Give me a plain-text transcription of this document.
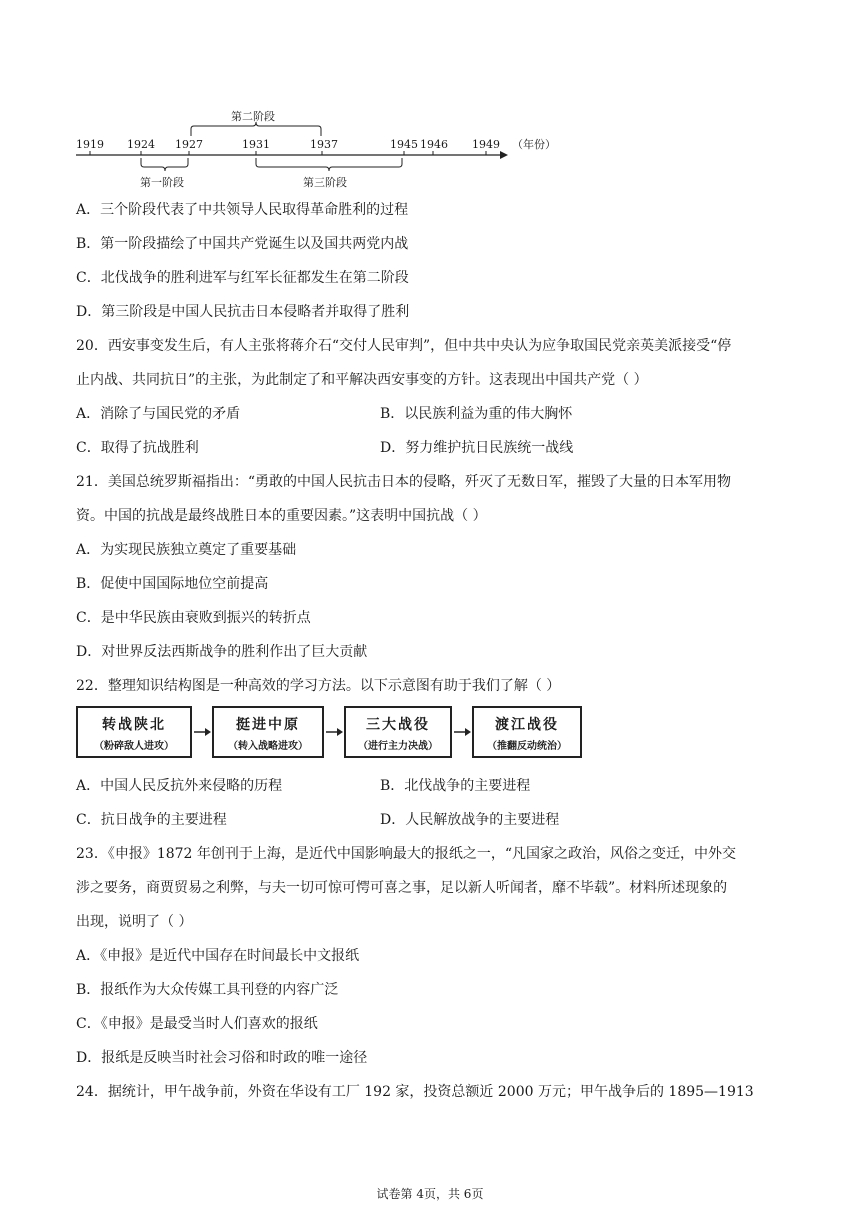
第二阶段
第一阶段	第三阶段
1919 1924 1927	1931	1937	1945 1946 1949 （年份）
A．三个阶段代表了中共领导人民取得革命胜利的过程
B．第一阶段描绘了中国共产党诞生以及国共两党内战
C．北伐战争的胜利进军与红军长征都发生在第二阶段
D．第三阶段是中国人民抗击日本侵略者并取得了胜利
20．西安事变发生后，有人主张将蒋介石“交付人民审判”，但中共中央认为应争取国民党亲英美派接受“停
止内战、共同抗日”的主张，为此制定了和平解决西安事变的方针。这表现出中国共产党（ ）
A．消除了与国民党的矛盾	B．以民族利益为重的伟大胸怀
C．取得了抗战胜利	D．努力维护抗日民族统一战线
21．美国总统罗斯福指出：“勇敢的中国人民抗击日本的侵略，歼灭了无数日军，摧毁了大量的日本军用物
资。中国的抗战是最终战胜日本的重要因素。”这表明中国抗战（ ）
A．为实现民族独立奠定了重要基础
B．促使中国国际地位空前提高
C．是中华民族由衰败到振兴的转折点
D．对世界反法西斯战争的胜利作出了巨大贡献
22．整理知识结构图是一种高效的学习方法。以下示意图有助于我们了解（ ）
转战陕北
（粉碎敌人进攻）
挺进中原
（转入战略进攻）
三大战役
（进行主力决战）
渡江战役
（推翻反动统治）
A．中国人民反抗外来侵略的历程	B．北伐战争的主要进程
C．抗日战争的主要进程	D．人民解放战争的主要进程
23．《申报》1872 年创刊于上海，是近代中国影响最大的报纸之一，“凡国家之政治，风俗之变迁，中外交
涉之要务，商贾贸易之利弊，与夫一切可惊可愕可喜之事，足以新人听闻者，靡不毕载”。材料所述现象的
出现，说明了（ ）
A．《申报》是近代中国存在时间最长中文报纸
B．报纸作为大众传媒工具刊登的内容广泛
C．《申报》是最受当时人们喜欢的报纸
D．报纸是反映当时社会习俗和时政的唯一途径
24．据统计，甲午战争前，外资在华设有工厂 192 家，投资总额近 2000 万元；甲午战争后的 1895—1913
试卷第 4页，共 6页
